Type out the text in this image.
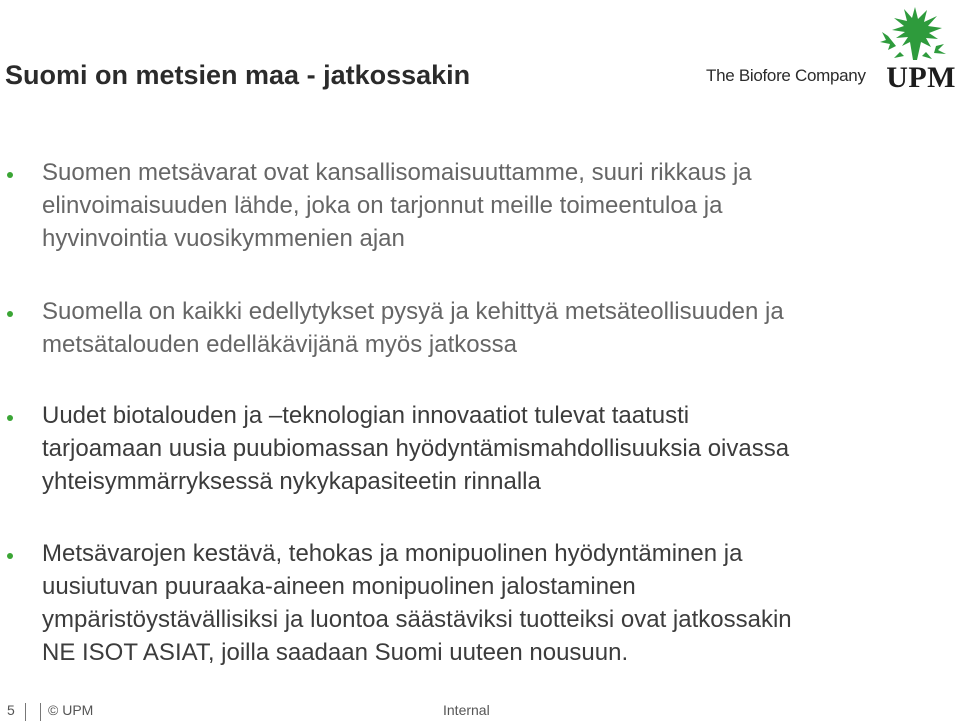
Suomi on metsien maa - jatkossakin	The Biofore Company UPM
Suomen metsävarat ovat kansallisomaisuuttamme, suuri rikkaus ja
elinvoimaisuuden lähde, joka on tarjonnut meille toimeentuloa ja
hyvinvointia vuosikymmenien ajan
Suomella on kaikki edellytykset pysyä ja kehittyä metsäteollisuuden ja
metsätalouden edelläkävijänä myös jatkossa
Uudet biotalouden ja –teknologian innovaatiot tulevat taatusti
tarjoamaan uusia puubiomassan hyödyntämismahdollisuuksia oivassa
yhteisymmärryksessä nykykapasiteetin rinnalla
Metsävarojen kestävä, tehokas ja monipuolinen hyödyntäminen ja
uusiutuvan puuraaka-aineen monipuolinen jalostaminen
ympäristöystävällisiksi ja luontoa säästäviksi tuotteiksi ovat jatkossakin
NE ISOT ASIAT, joilla saadaan Suomi uuteen nousuun.
5 © UPM	Internal
